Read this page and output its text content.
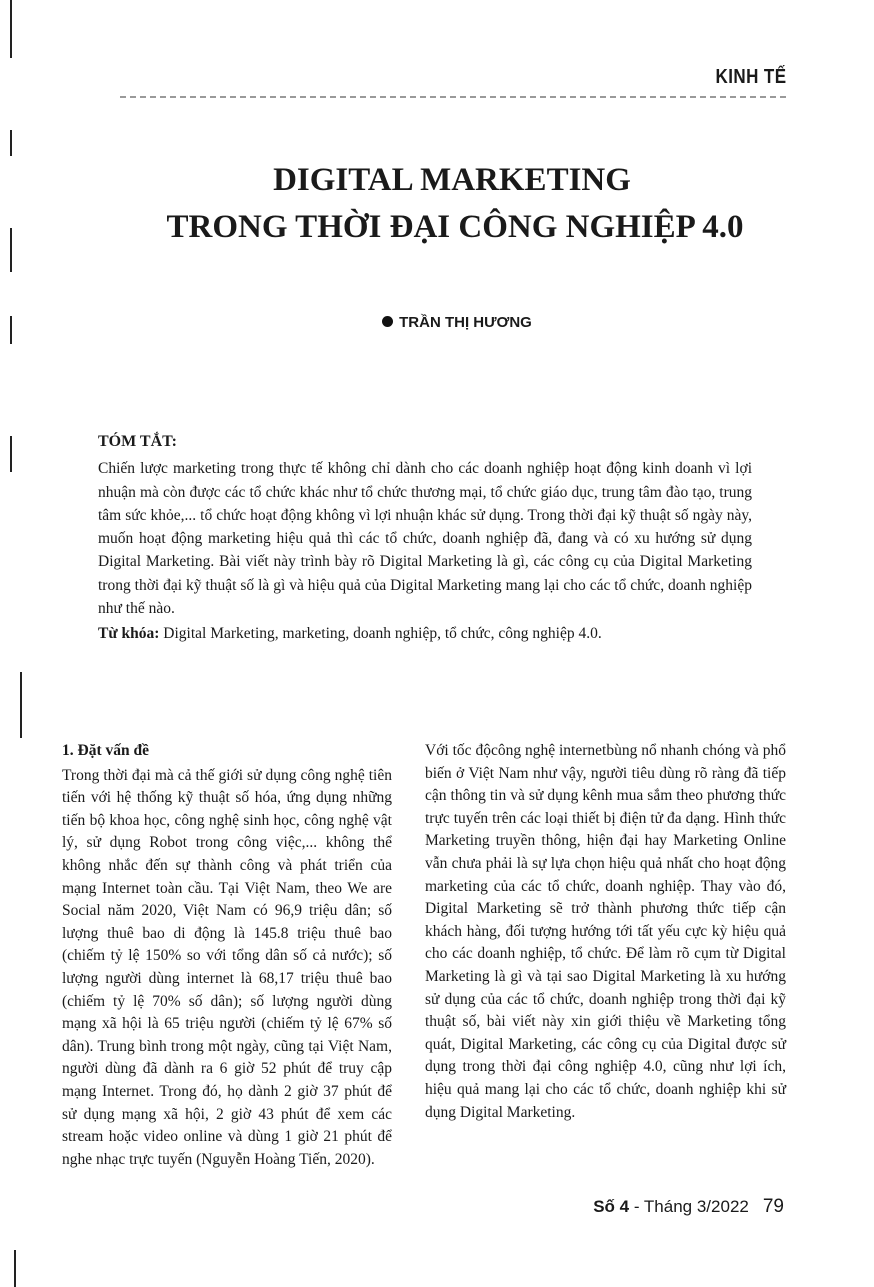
KINH TẾ
DIGITAL MARKETING
TRONG THỜI ĐẠI CÔNG NGHIỆP 4.0
TRẦN THỊ HƯƠNG
TÓM TẮT:

Chiến lược marketing trong thực tế không chỉ dành cho các doanh nghiệp hoạt động kinh doanh vì lợi nhuận mà còn được các tổ chức khác như tổ chức thương mại, tổ chức giáo dục, trung tâm đào tạo, trung tâm sức khỏe,... tổ chức hoạt động không vì lợi nhuận khác sử dụng. Trong thời đại kỹ thuật số ngày này, muốn hoạt động marketing hiệu quả thì các tổ chức, doanh nghiệp đã, đang và có xu hướng sử dụng Digital Marketing. Bài viết này trình bày rõ Digital Marketing là gì, các công cụ của Digital Marketing trong thời đại kỹ thuật số là gì và hiệu quả của Digital Marketing mang lại cho các tổ chức, doanh nghiệp như thế nào.

Từ khóa: Digital Marketing, marketing, doanh nghiệp, tổ chức, công nghiệp 4.0.

1. Đặt vấn đề

Trong thời đại mà cả thế giới sử dụng công nghệ tiên tiến với hệ thống kỹ thuật số hóa, ứng dụng những tiến bộ khoa học, công nghệ sinh học, công nghệ vật lý, sử dụng Robot trong công việc,... không thể không nhắc đến sự thành công và phát triển của mạng Internet toàn cầu. Tại Việt Nam, theo We are Social năm 2020, Việt Nam có 96,9 triệu dân; số lượng thuê bao di động là 145.8 triệu thuê bao (chiếm tỷ lệ 150% so với tổng dân số cả nước); số lượng người dùng internet là 68,17 triệu thuê bao (chiếm tỷ lệ 70% số dân); số lượng người dùng mạng xã hội là 65 triệu người (chiếm tỷ lệ 67% số dân). Trung bình trong một ngày, cũng tại Việt Nam, người dùng đã dành ra 6 giờ 52 phút để truy cập mạng Internet. Trong đó, họ dành 2 giờ 37 phút để sử dụng mạng xã hội, 2 giờ 43 phút để xem các stream hoặc video online và dùng 1 giờ 21 phút để nghe nhạc trực tuyến (Nguyễn Hoàng Tiến, 2020).

Với tốc độcông nghệ internetbùng nổ nhanh chóng và phổ biến ở Việt Nam như vậy, người tiêu dùng rõ ràng đã tiếp cận thông tin và sử dụng kênh mua sắm theo phương thức trực tuyến trên các loại thiết bị điện tử đa dạng. Hình thức Marketing truyền thông, hiện đại hay Marketing Online vẫn chưa phải là sự lựa chọn hiệu quả nhất cho hoạt động marketing của các tổ chức, doanh nghiệp. Thay vào đó, Digital Marketing sẽ trở thành phương thức tiếp cận khách hàng, đối tượng hướng tới tất yếu cực kỳ hiệu quả cho các doanh nghiệp, tổ chức. Để làm rõ cụm từ Digital Marketing là gì và tại sao Digital Marketing là xu hướng sử dụng của các tổ chức, doanh nghiệp trong thời đại kỹ thuật số, bài viết này xin giới thiệu về Marketing tổng quát, Digital Marketing, các công cụ của Digital được sử dụng trong thời đại công nghiệp 4.0, cũng như lợi ích, hiệu quả mang lại cho các tổ chức, doanh nghiệp khi sử dụng Digital Marketing.

Số 4 - Tháng 3/2022 79
